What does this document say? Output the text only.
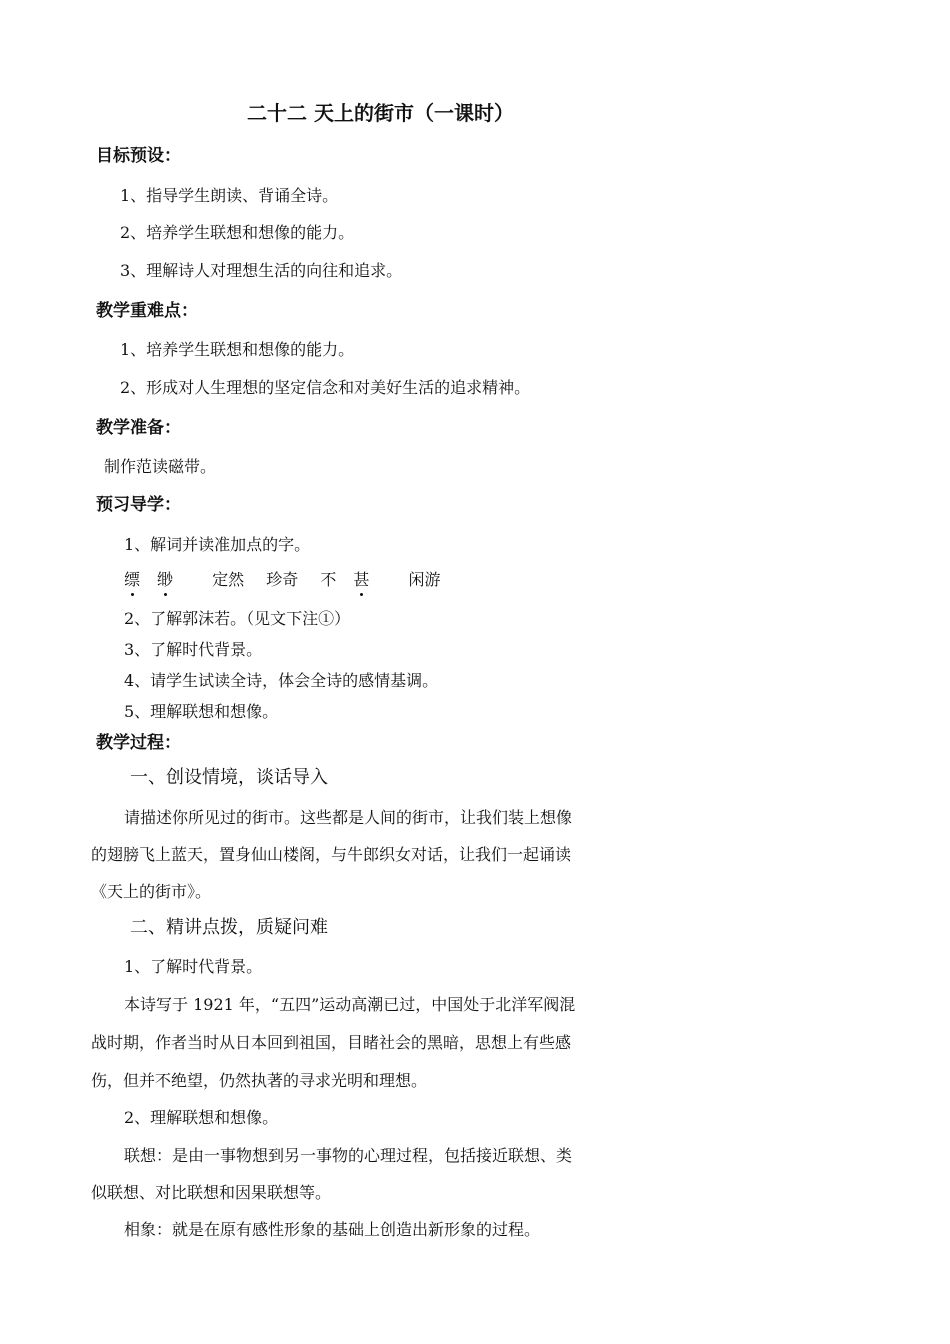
二十二 天上的街市（一课时）
目标预设：
1、指导学生朗读、背诵全诗。
2、培养学生联想和想像的能力。
3、理解诗人对理想生活的向往和追求。
教学重难点：
1、培养学生联想和想像的能力。
2、形成对人生理想的坚定信念和对美好生活的追求精神。
教学准备：
制作范读磁带。
预习导学：
1、解词并读准加点的字。
缥 缈 定然 珍奇 不 甚 闲游
2、了解郭沫若。（见文下注①）
3、了解时代背景。
4、请学生试读全诗，体会全诗的感情基调。
5、理解联想和想像。
教学过程：
一、创设情境，谈话导入
请描述你所见过的街市。这些都是人间的街市，让我们装上想像
的翅膀飞上蓝天，置身仙山楼阁，与牛郎织女对话，让我们一起诵读
《天上的街市》。
二、精讲点拨，质疑问难
1、了解时代背景。
本诗写于 1921 年，“五四”运动高潮已过，中国处于北洋军阀混
战时期，作者当时从日本回到祖国，目睹社会的黑暗，思想上有些感
伤，但并不绝望，仍然执著的寻求光明和理想。
2、理解联想和想像。
联想：是由一事物想到另一事物的心理过程，包括接近联想、类
似联想、对比联想和因果联想等。
相象：就是在原有感性形象的基础上创造出新形象的过程。
